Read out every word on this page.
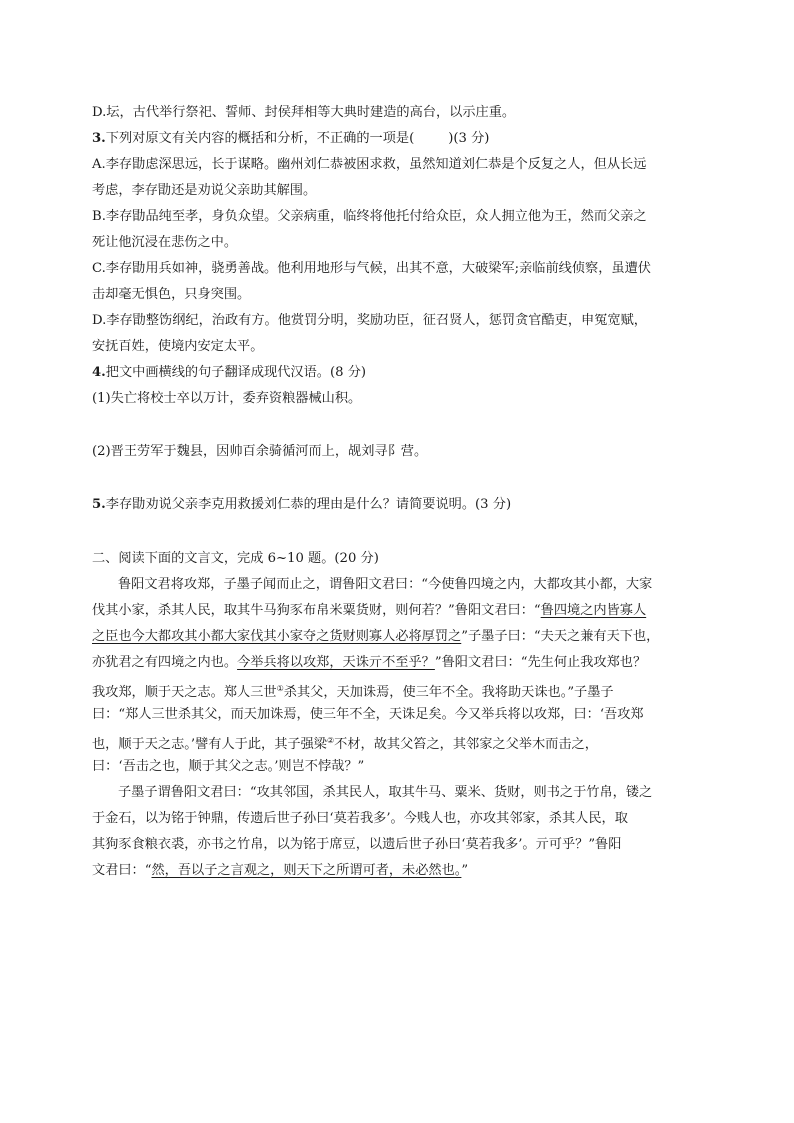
D.坛，古代举行祭祀、誓师、封侯拜相等大典时建造的高台，以示庄重。
3.下列对原文有关内容的概括和分析，不正确的一项是(	)(3 分)
A.李存勖虑深思远，长于谋略。幽州刘仁恭被困求救，虽然知道刘仁恭是个反复之人，但从长远
考虑，李存勖还是劝说父亲助其解围。
B.李存勖品纯至孝，身负众望。父亲病重，临终将他托付给众臣，众人拥立他为王，然而父亲之
死让他沉浸在悲伤之中。
C.李存勖用兵如神，骁勇善战。他利用地形与气候，出其不意，大破梁军;亲临前线侦察，虽遭伏
击却毫无惧色，只身突围。
D.李存勖整饬纲纪，治政有方。他赏罚分明，奖励功臣，征召贤人，惩罚贪官酷吏，申冤宽赋，
安抚百姓，使境内安定太平。
4.把文中画横线的句子翻译成现代汉语。(8 分)
(1)失亡将校士卒以万计，委弃资粮器械山积。
(2)晋王劳军于魏县，因帅百余骑循河而上，觇刘寻阝营。
5.李存勖劝说父亲李克用救援刘仁恭的理由是什么？请简要说明。(3 分)
二、阅读下面的文言文，完成 6~10 题。(20 分)
鲁阳文君将攻郑，子墨子闻而止之，谓鲁阳文君曰：“今使鲁四境之内，大都攻其小都，大家
伐其小家，杀其人民，取其牛马狗豕布帛米粟货财，则何若？”鲁阳文君曰：“鲁四境之内皆寡人
之臣也今大都攻其小都大家伐其小家夺之货财则寡人必将厚罚之”子墨子曰：“夫天之兼有天下也，
亦犹君之有四境之内也。今举兵将以攻郑，天诛亓不至乎？”鲁阳文君曰：“先生何止我攻郑也？
我攻郑，顺于天之志。郑人三世①杀其父，天加诛焉，使三年不全。我将助天诛也。”子墨子
曰：“郑人三世杀其父，而天加诛焉，使三年不全，天诛足矣。今又举兵将以攻郑，曰：‘吾攻郑
也，顺于天之志。’譬有人于此，其子强梁②不材，故其父笞之，其邻家之父举木而击之，
曰：‘吾击之也，顺于其父之志。’则岂不悖哉？”
子墨子谓鲁阳文君曰：“攻其邻国，杀其民人，取其牛马、粟米、货财，则书之于竹帛，镂之
于金石，以为铭于钟鼎，传遗后世子孙曰‘莫若我多’。今贱人也，亦攻其邻家，杀其人民，取
其狗豕食粮衣裘，亦书之竹帛，以为铭于席豆，以遗后世子孙曰‘莫若我多’。亓可乎？”鲁阳
文君曰：“然，吾以子之言观之，则天下之所谓可者，未必然也。”
